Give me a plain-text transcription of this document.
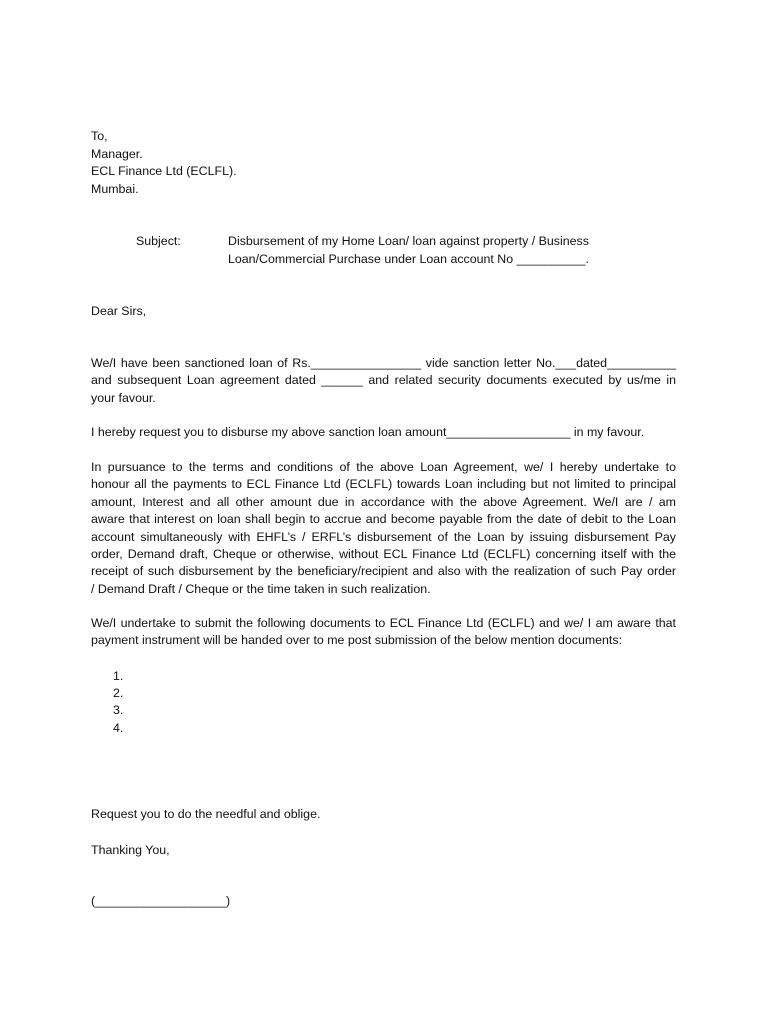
To,
Manager.
ECL Finance Ltd (ECLFL).
Mumbai.
Subject:	Disbursement of my Home Loan/ loan against property / Business
Loan/Commercial Purchase under Loan account No __________.
Dear Sirs,
We/I have been sanctioned loan of Rs.________________ vide sanction letter No.___dated__________
and subsequent Loan agreement dated ______ and related security documents executed by us/me in
your favour.
I hereby request you to disburse my above sanction loan amount__________________ in my favour.
In pursuance to the terms and conditions of the above Loan Agreement, we/ I hereby undertake to
honour all the payments to ECL Finance Ltd (ECLFL) towards Loan including but not limited to principal
amount, Interest and all other amount due in accordance with the above Agreement. We/I are / am
aware that interest on loan shall begin to accrue and become payable from the date of debit to the Loan
account simultaneously with EHFL’s / ERFL’s disbursement of the Loan by issuing disbursement Pay
order, Demand draft, Cheque or otherwise, without ECL Finance Ltd (ECLFL) concerning itself with the
receipt of such disbursement by the beneficiary/recipient and also with the realization of such Pay order
/ Demand Draft / Cheque or the time taken in such realization.
We/I undertake to submit the following documents to ECL Finance Ltd (ECLFL) and we/ I am aware that
payment instrument will be handed over to me post submission of the below mention documents:
1.
2.
3.
4.
Request you to do the needful and oblige.
Thanking You,
(___________________)
